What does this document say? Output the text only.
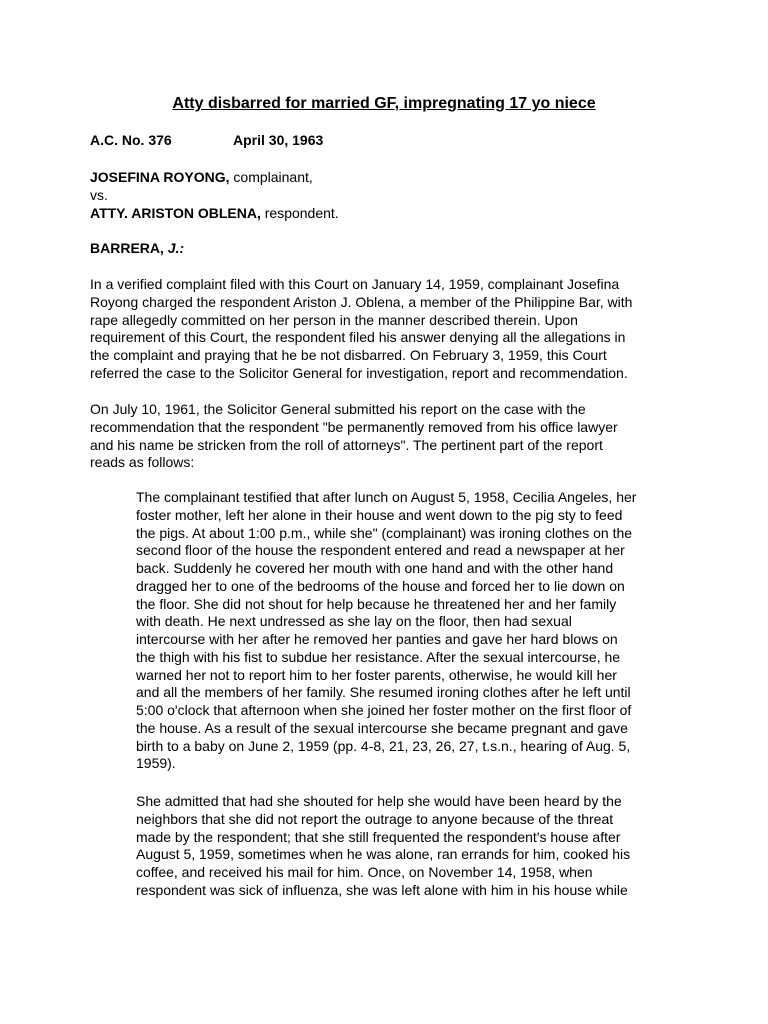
Atty disbarred for married GF, impregnating 17 yo niece
A.C. No. 376	April 30, 1963
JOSEFINA ROYONG, complainant,
vs.
ATTY. ARISTON OBLENA, respondent.
BARRERA, J.:

In a verified complaint filed with this Court on January 14, 1959, complainant Josefina
Royong charged the respondent Ariston J. Oblena, a member of the Philippine Bar, with
rape allegedly committed on her person in the manner described therein. Upon
requirement of this Court, the respondent filed his answer denying all the allegations in
the complaint and praying that he be not disbarred. On February 3, 1959, this Court
referred the case to the Solicitor General for investigation, report and recommendation.

On July 10, 1961, the Solicitor General submitted his report on the case with the
recommendation that the respondent "be permanently removed from his office lawyer
and his name be stricken from the roll of attorneys". The pertinent part of the report
reads as follows:

The complainant testified that after lunch on August 5, 1958, Cecilia Angeles, her
foster mother, left her alone in their house and went down to the pig sty to feed
the pigs. At about 1:00 p.m., while she" (complainant) was ironing clothes on the
second floor of the house the respondent entered and read a newspaper at her
back. Suddenly he covered her mouth with one hand and with the other hand
dragged her to one of the bedrooms of the house and forced her to lie down on
the floor. She did not shout for help because he threatened her and her family
with death. He next undressed as she lay on the floor, then had sexual
intercourse with her after he removed her panties and gave her hard blows on
the thigh with his fist to subdue her resistance. After the sexual intercourse, he
warned her not to report him to her foster parents, otherwise, he would kill her
and all the members of her family. She resumed ironing clothes after he left until
5:00 o'clock that afternoon when she joined her foster mother on the first floor of
the house. As a result of the sexual intercourse she became pregnant and gave
birth to a baby on June 2, 1959 (pp. 4-8, 21, 23, 26, 27, t.s.n., hearing of Aug. 5,
1959).

She admitted that had she shouted for help she would have been heard by the
neighbors that she did not report the outrage to anyone because of the threat
made by the respondent; that she still frequented the respondent's house after
August 5, 1959, sometimes when he was alone, ran errands for him, cooked his
coffee, and received his mail for him. Once, on November 14, 1958, when
respondent was sick of influenza, she was left alone with him in his house while
